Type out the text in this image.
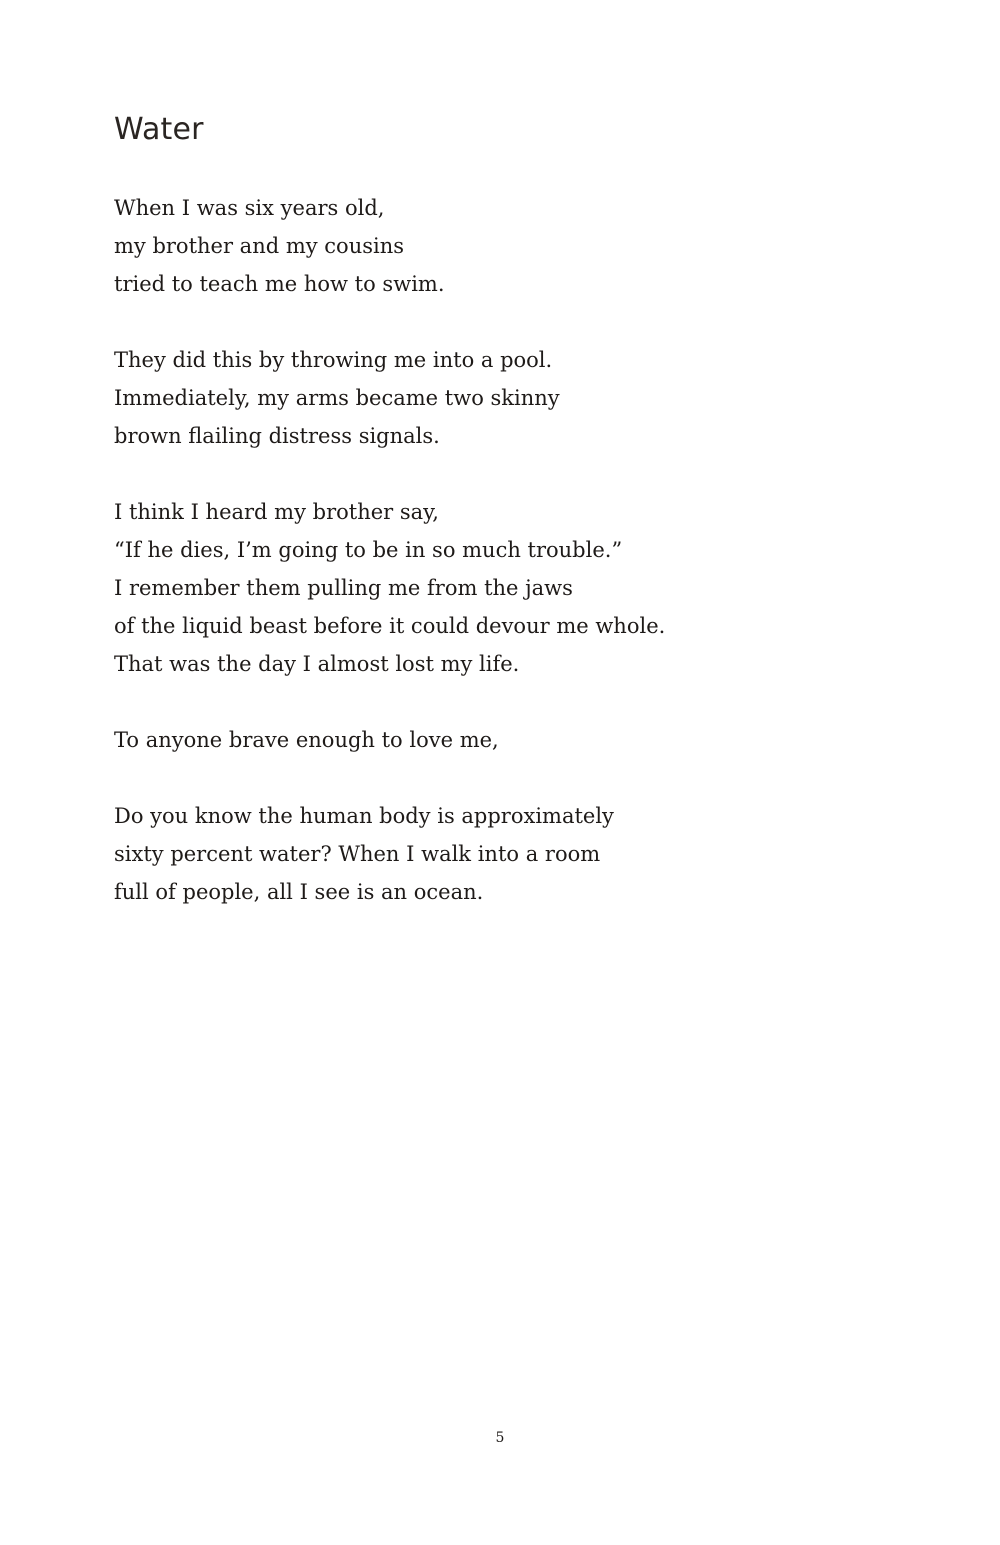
Water

When I was six years old,
my brother and my cousins
tried to teach me how to swim.

They did this by throwing me into a pool.
Immediately, my arms became two skinny
brown flailing distress signals.

I think I heard my brother say,
“If he dies, I’m going to be in so much trouble.”
I remember them pulling me from the jaws
of the liquid beast before it could devour me whole.
That was the day I almost lost my life.

To anyone brave enough to love me,

Do you know the human body is approximately
sixty percent water? When I walk into a room
full of people, all I see is an ocean.

5
